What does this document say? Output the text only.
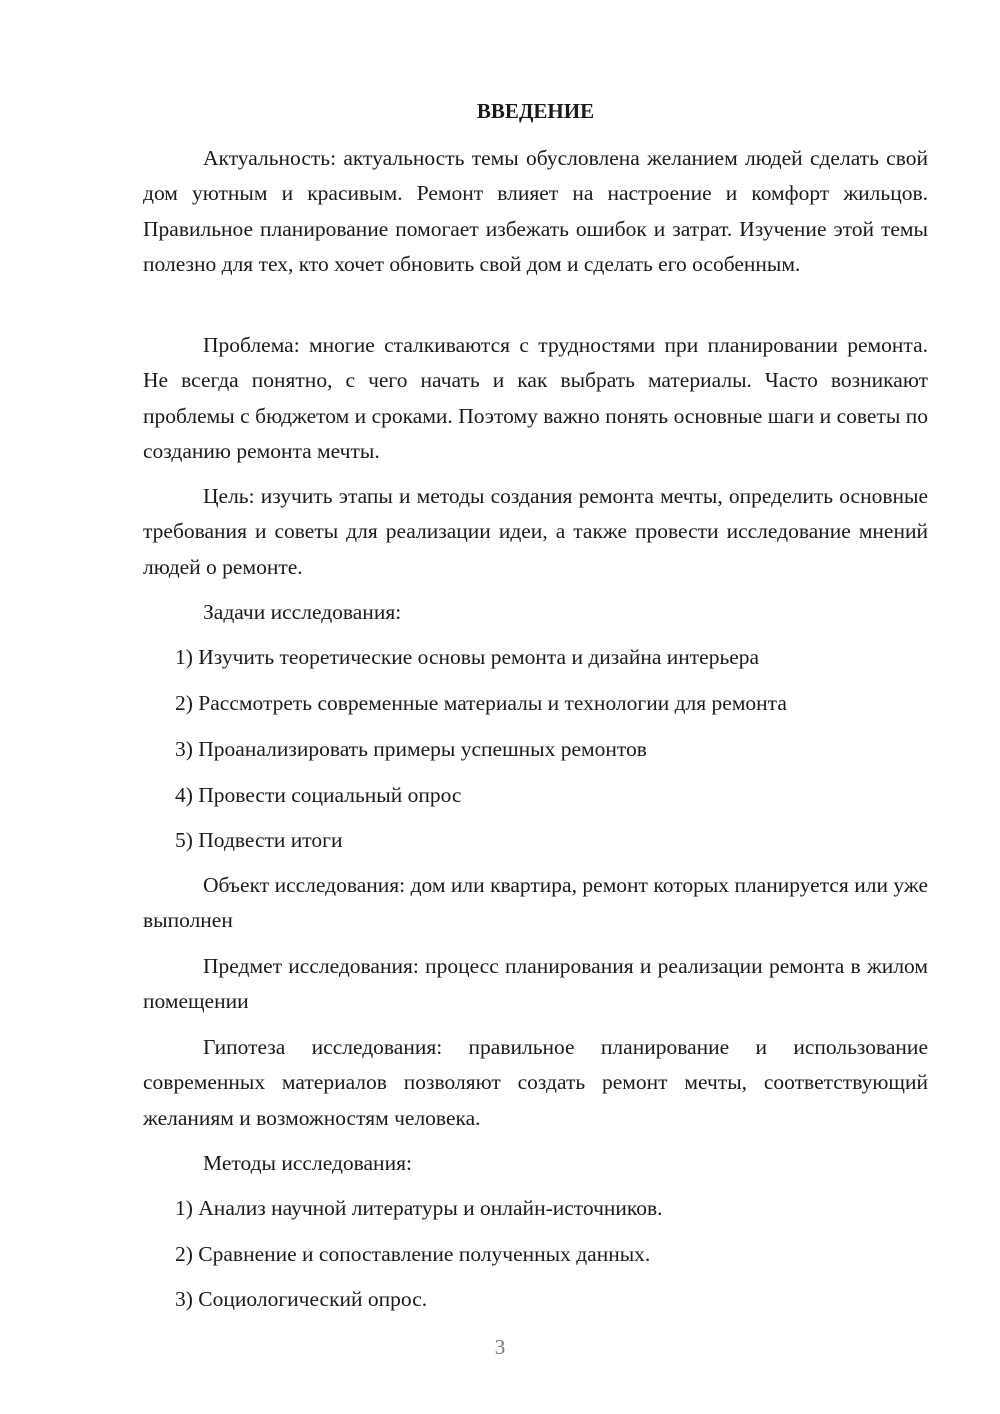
ВВЕДЕНИЕ

Актуальность: актуальность темы обусловлена желанием людей сделать свой дом уютным и красивым. Ремонт влияет на настроение и комфорт жильцов. Правильное планирование помогает избежать ошибок и затрат. Изучение этой темы полезно для тех, кто хочет обновить свой дом и сделать его особенным.

Проблема: многие сталкиваются с трудностями при планировании ремонта. Не всегда понятно, с чего начать и как выбрать материалы. Часто возникают проблемы с бюджетом и сроками. Поэтому важно понять основные шаги и советы по созданию ремонта мечты.

Цель: изучить этапы и методы создания ремонта мечты, определить основные требования и советы для реализации идеи, а также провести исследование мнений людей о ремонте.

Задачи исследования:

1) Изучить теоретические основы ремонта и дизайна интерьера

2) Рассмотреть современные материалы и технологии для ремонта

3) Проанализировать примеры успешных ремонтов

4) Провести социальный опрос

5) Подвести итоги

Объект исследования: дом или квартира, ремонт которых планируется или уже выполнен

Предмет исследования: процесс планирования и реализации ремонта в жилом помещении

Гипотеза исследования: правильное планирование и использование современных материалов позволяют создать ремонт мечты, соответствующий желаниям и возможностям человека.

Методы исследования:

1) Анализ научной литературы и онлайн-источников.

2) Сравнение и сопоставление полученных данных.

3) Социологический опрос.

3
